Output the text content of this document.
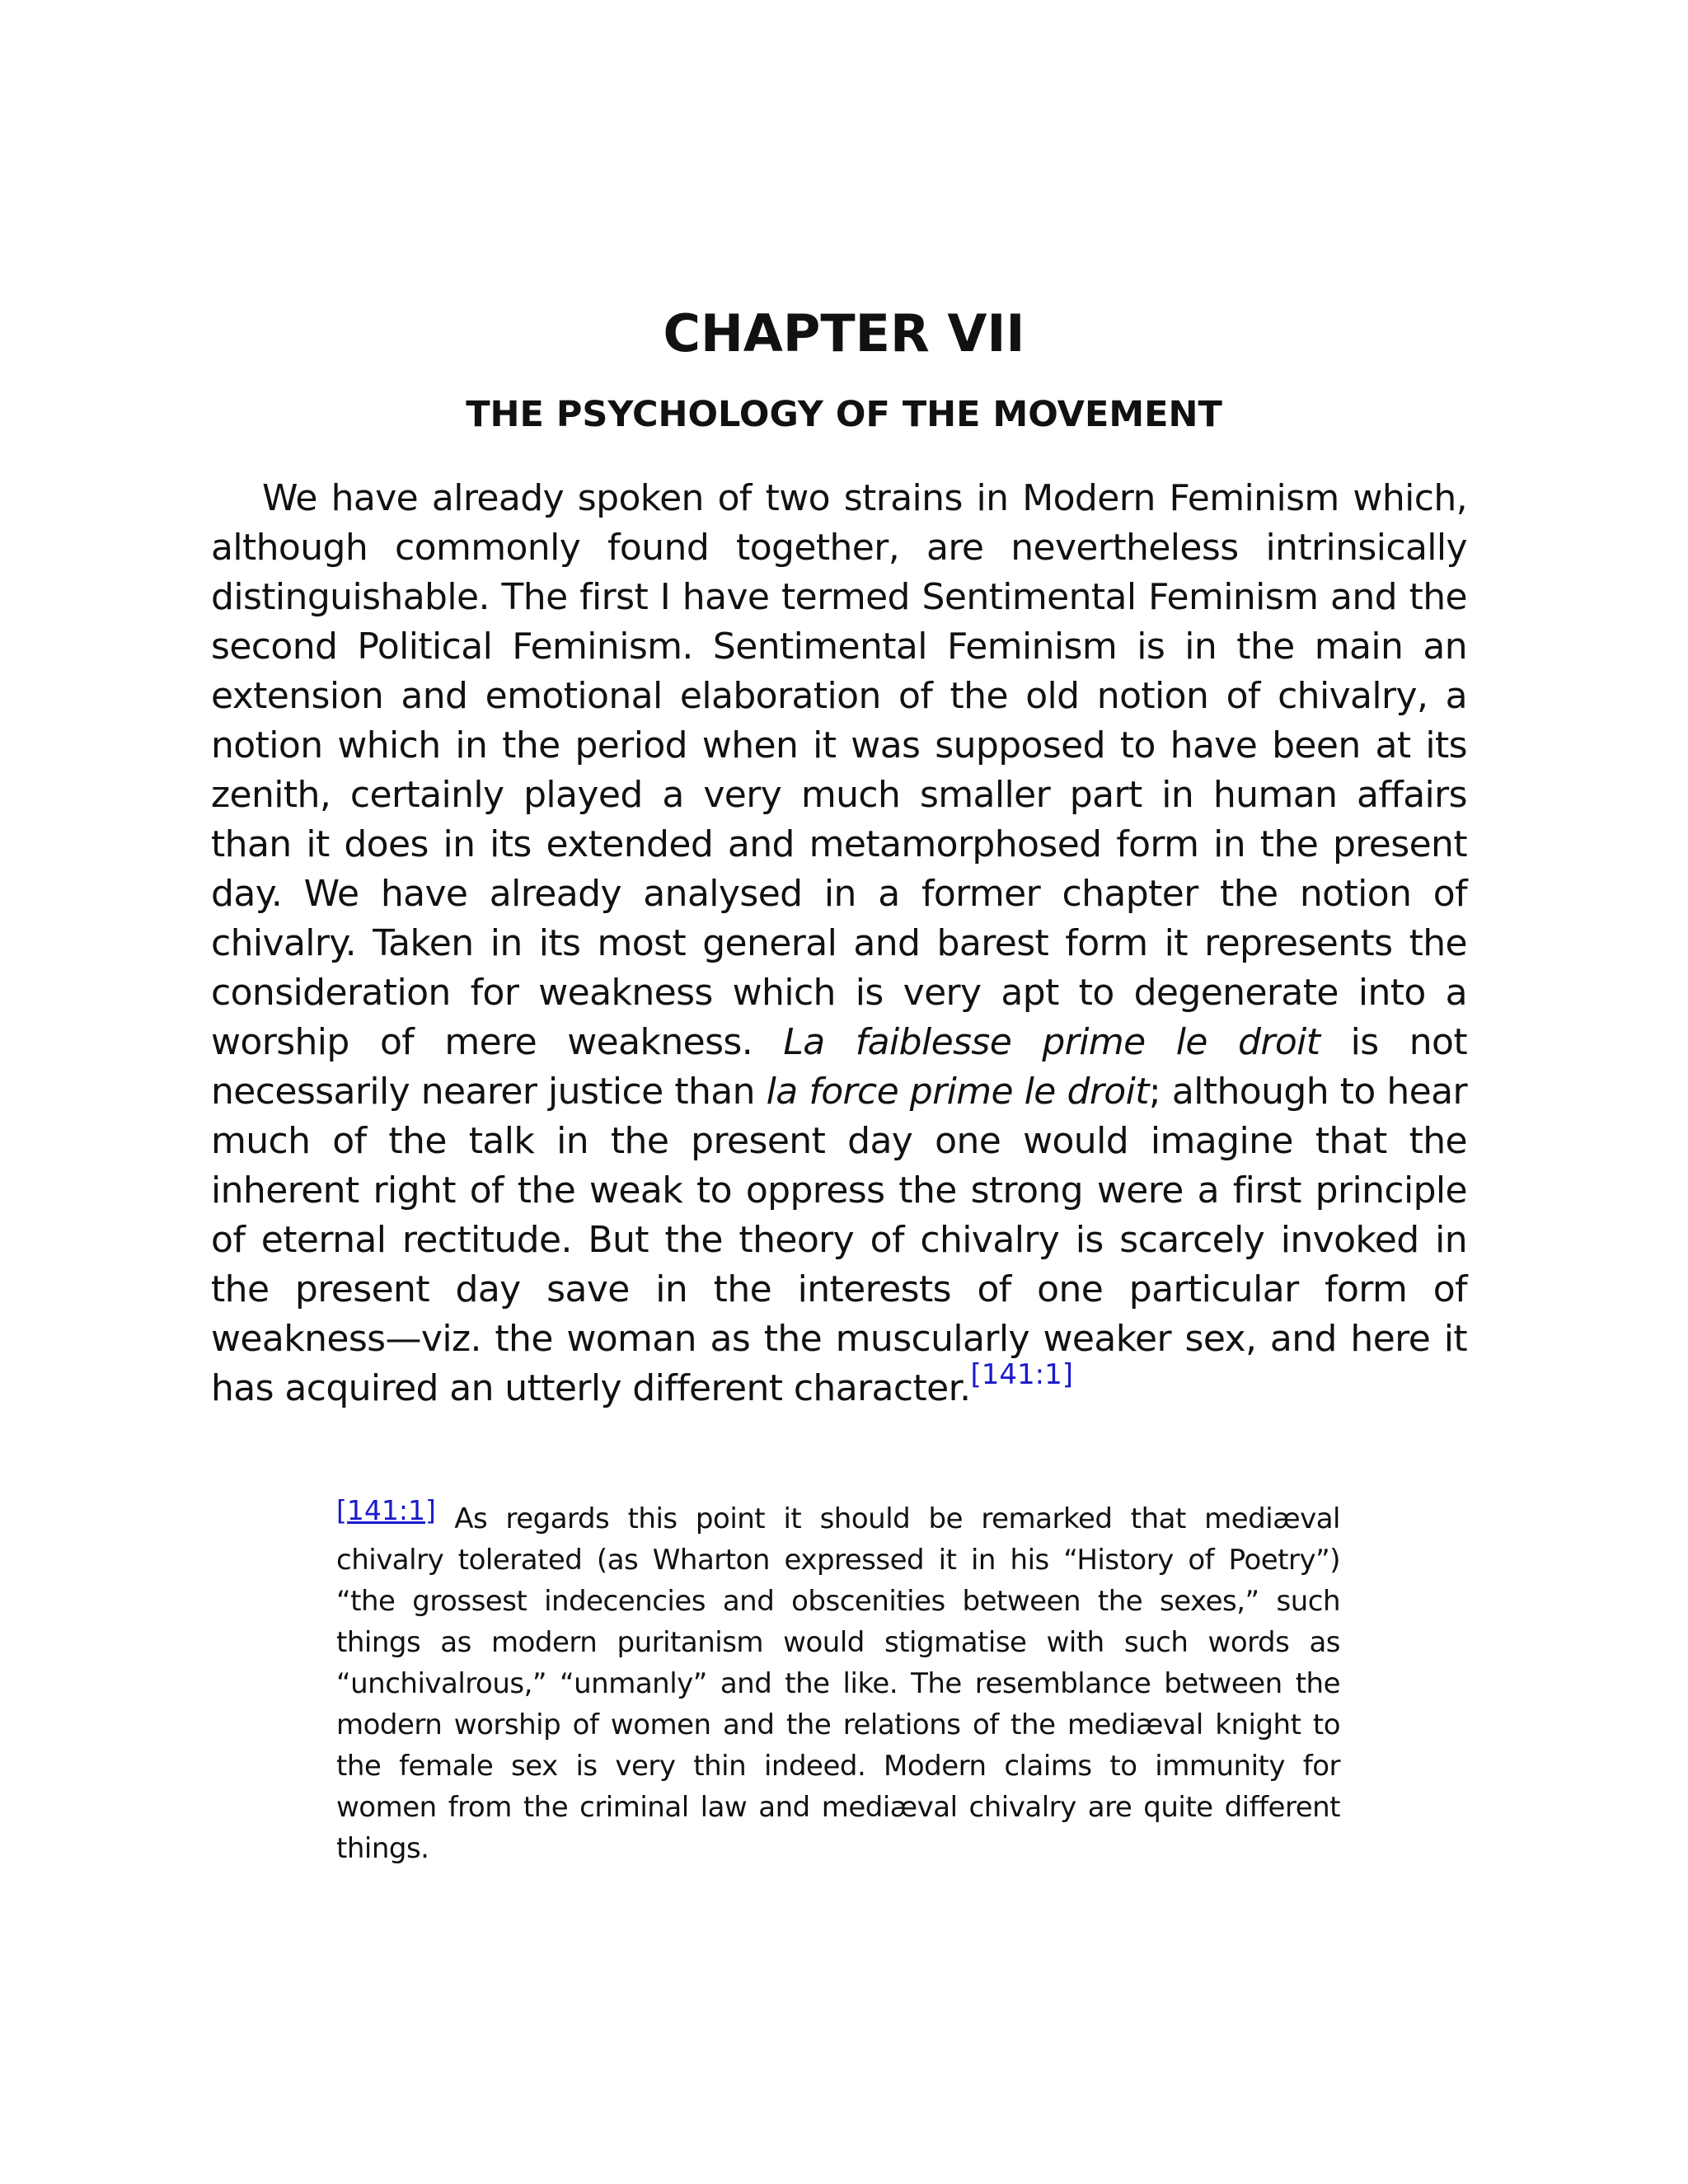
CHAPTER VII
THE PSYCHOLOGY OF THE MOVEMENT

We have already spoken of two strains in Modern Feminism which, although commonly found together, are nevertheless intrinsically distinguishable. The first I have termed Sentimental Feminism and the second Political Feminism. Sentimental Feminism is in the main an extension and emotional elaboration of the old notion of chivalry, a notion which in the period when it was supposed to have been at its zenith, certainly played a very much smaller part in human affairs than it does in its extended and metamorphosed form in the present day. We have already analysed in a former chapter the notion of chivalry. Taken in its most general and barest form it represents the consideration for weakness which is very apt to degenerate into a worship of mere weakness. La faiblesse prime le droit is not necessarily nearer justice than la force prime le droit; although to hear much of the talk in the present day one would imagine that the inherent right of the weak to oppress the strong were a first principle of eternal rectitude. But the theory of chivalry is scarcely invoked in the present day save in the interests of one particular form of weakness—viz. the woman as the muscularly weaker sex, and here it has acquired an utterly different character.[141:1]

[141:1] As regards this point it should be remarked that mediæval chivalry tolerated (as Wharton expressed it in his “History of Poetry”) “the grossest indecencies and obscenities between the sexes,” such things as modern puritanism would stigmatise with such words as “unchivalrous,” “unmanly” and the like. The resemblance between the modern worship of women and the relations of the mediæval knight to the female sex is very thin indeed. Modern claims to immunity for women from the criminal law and mediæval chivalry are quite different things.
